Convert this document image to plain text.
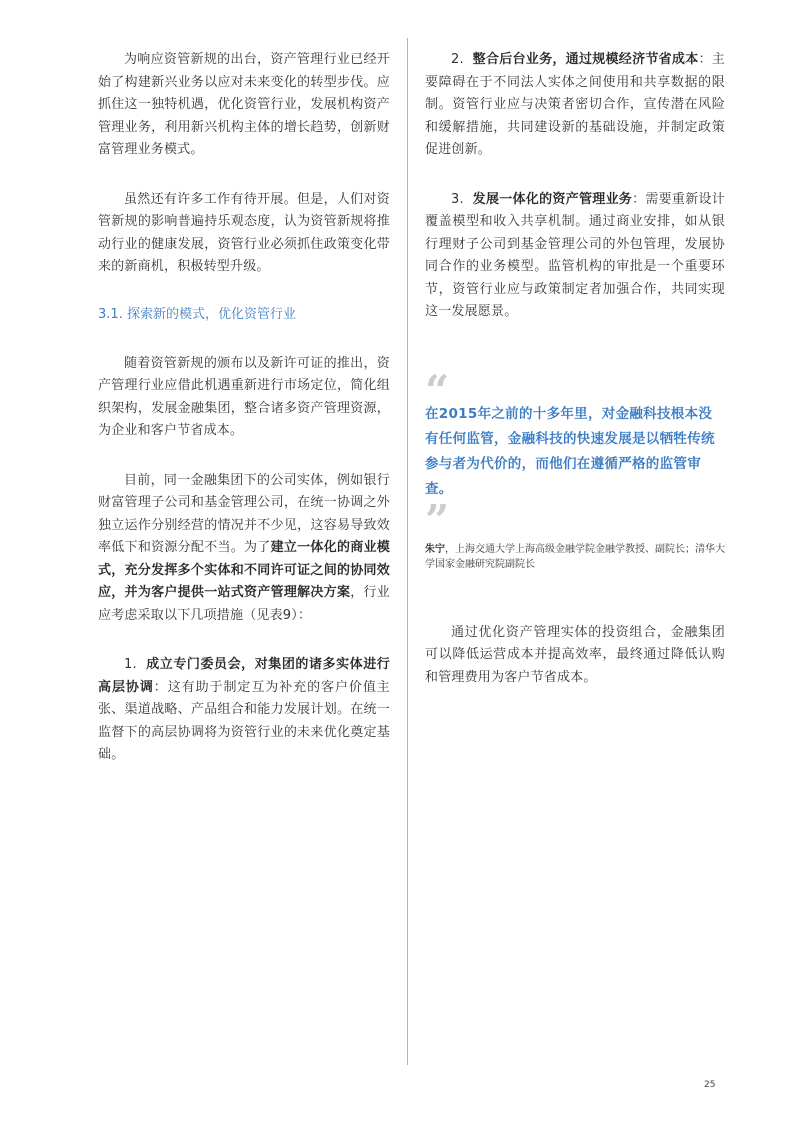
为响应资管新规的出台，资产管理行业已经开始了构建新兴业务以应对未来变化的转型步伐。应抓住这一独特机遇，优化资管行业，发展机构资产管理业务，利用新兴机构主体的增长趋势，创新财富管理业务模式。

虽然还有许多工作有待开展。但是，人们对资管新规的影响普遍持乐观态度，认为资管新规将推动行业的健康发展，资管行业必须抓住政策变化带来的新商机，积极转型升级。

3.1. 探索新的模式，优化资管行业

随着资管新规的颁布以及新许可证的推出，资产管理行业应借此机遇重新进行市场定位，简化组织架构，发展金融集团，整合诸多资产管理资源，为企业和客户节省成本。

目前，同一金融集团下的公司实体，例如银行财富管理子公司和基金管理公司，在统一协调之外独立运作分别经营的情况并不少见，这容易导致效率低下和资源分配不当。为了建立一体化的商业模式，充分发挥多个实体和不同许可证之间的协同效应，并为客户提供一站式资产管理解决方案，行业应考虑采取以下几项措施（见表9）：

1. 成立专门委员会，对集团的诸多实体进行高层协调：这有助于制定互为补充的客户价值主张、渠道战略、产品组合和能力发展计划。在统一监督下的高层协调将为资管行业的未来优化奠定基础。

2. 整合后台业务，通过规模经济节省成本：主要障碍在于不同法人实体之间使用和共享数据的限制。资管行业应与决策者密切合作，宣传潜在风险和缓解措施，共同建设新的基础设施，并制定政策促进创新。

3. 发展一体化的资产管理业务：需要重新设计覆盖模型和收入共享机制。通过商业安排，如从银行理财子公司到基金管理公司的外包管理，发展协同合作的业务模型。监管机构的审批是一个重要环节，资管行业应与政策制定者加强合作，共同实现这一发展愿景。

“

在2015年之前的十多年里，对金融科技根本没有任何监管，金融科技的快速发展是以牺牲传统参与者为代价的，而他们在遵循严格的监管审查。

”

朱宁，上海交通大学上海高级金融学院金融学教授、副院长；清华大学国家金融研究院副院长

通过优化资产管理实体的投资组合，金融集团可以降低运营成本并提高效率，最终通过降低认购和管理费用为客户节省成本。

25
